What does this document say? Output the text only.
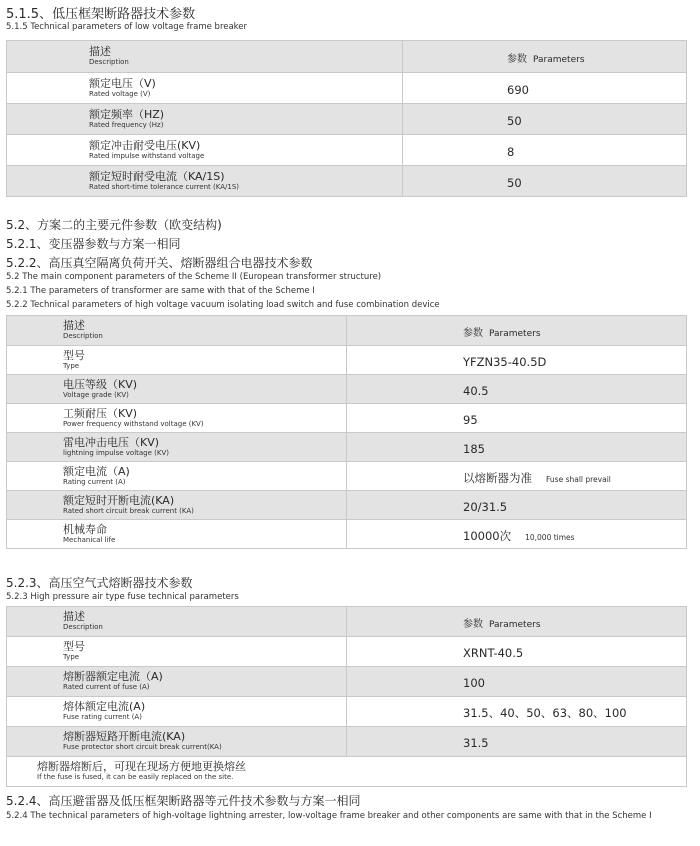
5.1.5、低压框架断路器技术参数
5.1.5 Technical parameters of low voltage frame breaker
描述
Description	参数 Parameters

额定电压（V)
Rated voltage (V)	690

额定频率（HZ)
Rated frequency (Hz)	50

额定冲击耐受电压(KV)
Rated impulse withstand voltage	8

额定短时耐受电流（KA/1S)
Rated short-time tolerance current (KA/1S)	50
5.2、方案二的主要元件参数（欧变结构)
5.2.1、变压器参数与方案一相同
5.2.2、高压真空隔离负荷开关、熔断器组合电器技术参数
5.2 The main component parameters of the Scheme II (European transformer structure)
5.2.1 The parameters of transformer are same with that of the Scheme I
5.2.2 Technical parameters of high voltage vacuum isolating load switch and fuse combination device
描述
Description	参数 Parameters

型号
Type	YFZN35-40.5D

电压等级（KV)
Voltage grade (KV)	40.5

工频耐压（KV)
Power frequency withstand voltage (KV)	95

雷电冲击电压（KV)
lightning impulse voltage (KV)	185

额定电流（A)
Rating current (A)	以熔断器为准 Fuse shall prevail

额定短时开断电流(KA)
Rated short circuit break current (KA)	20/31.5

机械寿命
Mechanical life	10000次 10,000 times
5.2.3、高压空气式熔断器技术参数
5.2.3 High pressure air type fuse technical parameters
描述
Description	参数 Parameters

型号
Type	XRNT-40.5

熔断器额定电流（A)
Rated current of fuse (A)	100

熔体额定电流(A)
Fuse rating current (A)	31.5、40、50、63、80、100

熔断器短路开断电流(KA)
Fuse protector short circuit break current(KA)	31.5

熔断器熔断后，可现在现场方便地更换熔丝
If the fuse is fused, it can be easily replaced on the site.	
5.2.4、高压避雷器及低压框架断路器等元件技术参数与方案一相同
5.2.4 The technical parameters of high-voltage lightning arrester, low-voltage frame breaker and other components are same with that in the Scheme I
